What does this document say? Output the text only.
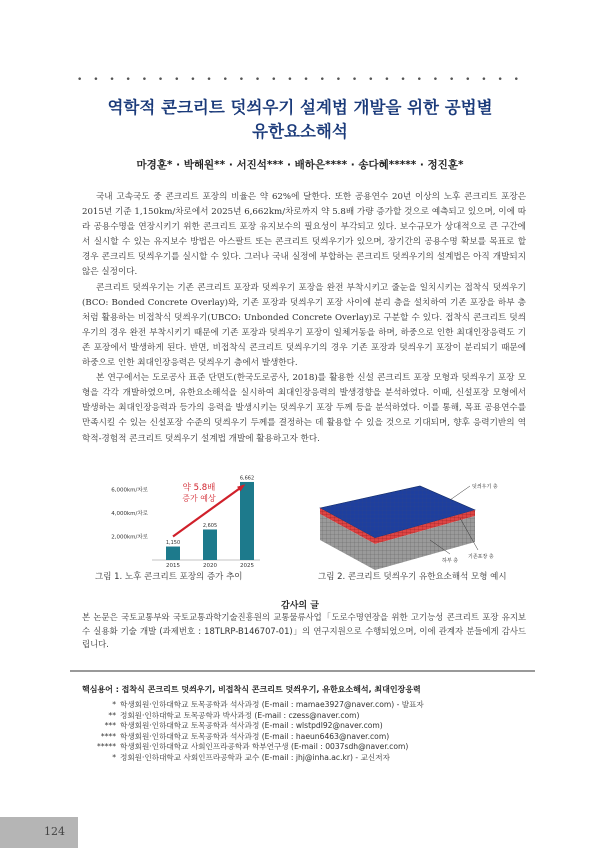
• • • • • • • • • • • • • • • • • • • • • • • • • • • •
역학적 콘크리트 덧씌우기 설계법 개발을 위한 공법별
유한요소해석
마경훈* · 박해원** · 서진석*** · 배하은**** · 송다혜***** · 정진훈*

국내 고속국도 중 콘크리트 포장의 비율은 약 62%에 달한다. 또한 공용연수 20년 이상의 노후 콘크리트 포장은 2015년 기준 1,150km/차로에서 2025년 6,662km/차로까지 약 5.8배 가량 증가할 것으로 예측되고 있으며, 이에 따라 공용수명을 연장시키기 위한 콘크리트 포장 유지보수의 필요성이 부각되고 있다. 보수규모가 상대적으로 큰 구간에서 실시할 수 있는 유지보수 방법은 아스팔트 또는 콘크리트 덧씌우기가 있으며, 장기간의 공용수명 확보를 목표로 할 경우 콘크리트 덧씌우기를 실시할 수 있다. 그러나 국내 실정에 부합하는 콘크리트 덧씌우기의 설계법은 아직 개발되지 않은 실정이다.

콘크리트 덧씌우기는 기존 콘크리트 포장과 덧씌우기 포장을 완전 부착시키고 줄눈을 일치시키는 접착식 덧씌우기(BCO: Bonded Concrete Overlay)와, 기존 포장과 덧씌우기 포장 사이에 분리 층을 설치하여 기존 포장을 하부 층처럼 활용하는 비접착식 덧씌우기(UBCO: Unbonded Concrete Overlay)로 구분할 수 있다. 접착식 콘크리트 덧씌우기의 경우 완전 부착시키기 때문에 기존 포장과 덧씌우기 포장이 일체거동을 하며, 하중으로 인한 최대인장응력도 기존 포장에서 발생하게 된다. 반면, 비접착식 콘크리트 덧씌우기의 경우 기존 포장과 덧씌우기 포장이 분리되기 때문에 하중으로 인한 최대인장응력은 덧씌우기 층에서 발생한다.

본 연구에서는 도로공사 표준 단면도(한국도로공사, 2018)를 활용한 신설 콘크리트 포장 모형과 덧씌우기 포장 모형을 각각 개발하였으며, 유한요소해석을 실시하여 최대인장응력의 발생경향을 분석하였다. 이때, 신설포장 모형에서 발생하는 최대인장응력과 등가의 응력을 발생시키는 덧씌우기 포장 두께 등을 분석하였다. 이를 통해, 목표 공용연수를 만족시킬 수 있는 신설포장 수준의 덧씌우기 두께를 결정하는 데 활용할 수 있을 것으로 기대되며, 향후 응력기반의 역학적-경험적 콘크리트 덧씌우기 설계법 개발에 활용하고자 한다.

2,000km/차로
4,000km/차로
6,000km/차로
1,150
2015
2,605
2020
6,662
2025
약 5.8배
증가 예상
덧씌우기 층
기존포장 층
하부 층
그림 1. 노후 콘크리트 포장의 증가 추이	그림 2. 콘크리트 덧씌우기 유한요소해석 모형 예시
감사의 글
본 논문은 국토교통부와 국토교통과학기술진흥원의 교통물류사업「도로수명연장을 위한 고기능성 콘크리트 포장 유지보수 실용화 기술 개발 (과제번호 : 18TLRP-B146707-01)」의 연구지원으로 수행되었으며, 이에 관계자 분들에게 감사드립니다.
핵심용어 : 접착식 콘크리트 덧씌우기, 비접착식 콘크리트 덧씌우기, 유한요소해석, 최대인장응력
* 학생회원·인하대학교 토목공학과 석사과정 (E-mail : mamae3927@naver.com) - 발표자
** 정회원·인하대학교 토목공학과 박사과정 (E-mail : czess@naver.com)
*** 학생회원·인하대학교 토목공학과 석사과정 (E-mail : wlstpdl92@naver.com)
**** 학생회원·인하대학교 토목공학과 석사과정 (E-mail : haeun6463@naver.com)
***** 학생회원·인하대학교 사회인프라공학과 학부연구생 (E-mail : 0037sdh@naver.com)
* 정회원·인하대학교 사회인프라공학과 교수 (E-mail : jhj@inha.ac.kr) - 교신저자
124
